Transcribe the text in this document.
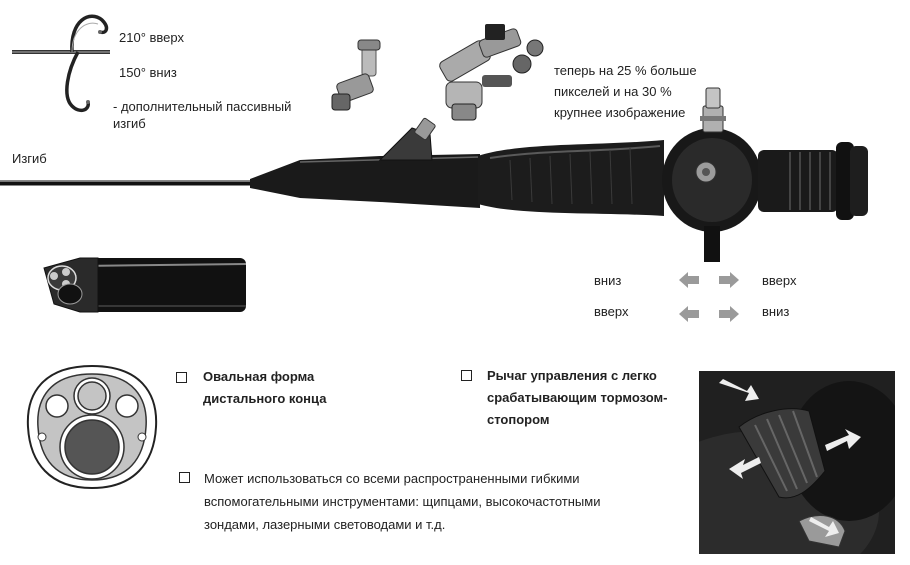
210° вверх
150° вниз
- дополнительный пассивный изгиб
Изгиб
теперь на 25 % больше пикселей и на 30 % крупнее изображение
вниз	вверх
вверх	вниз
Овальная форма дистального конца
Рычаг управления с легко срабатывающим тормозом-стопором
Может использоваться со всеми распространенными гибкими вспомогательными инструментами: щипцами, высокочастотными зондами, лазерными световодами и т.д.
